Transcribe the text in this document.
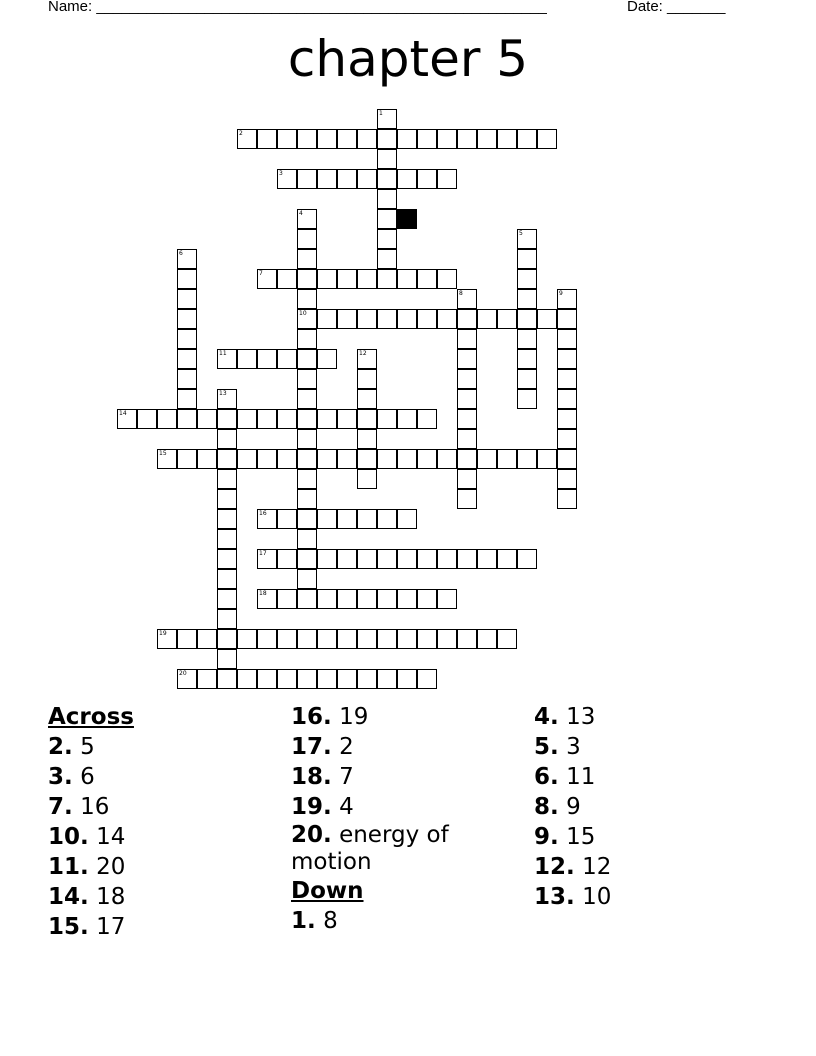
Name: ______________________________________________________	Date: _______
chapter 5
1
2
3
4
10
5
6
7
8	9
11	12
13
14
15
16
17
18
19
20
Across
2. 5
3. 6
7. 16
10. 14
11. 20
14. 18
15. 17
16. 19
17. 2
18. 7
19. 4
20. energy of motion
Down
1. 8
4. 13
5. 3
6. 11
8. 9
9. 15
12. 12
13. 10
